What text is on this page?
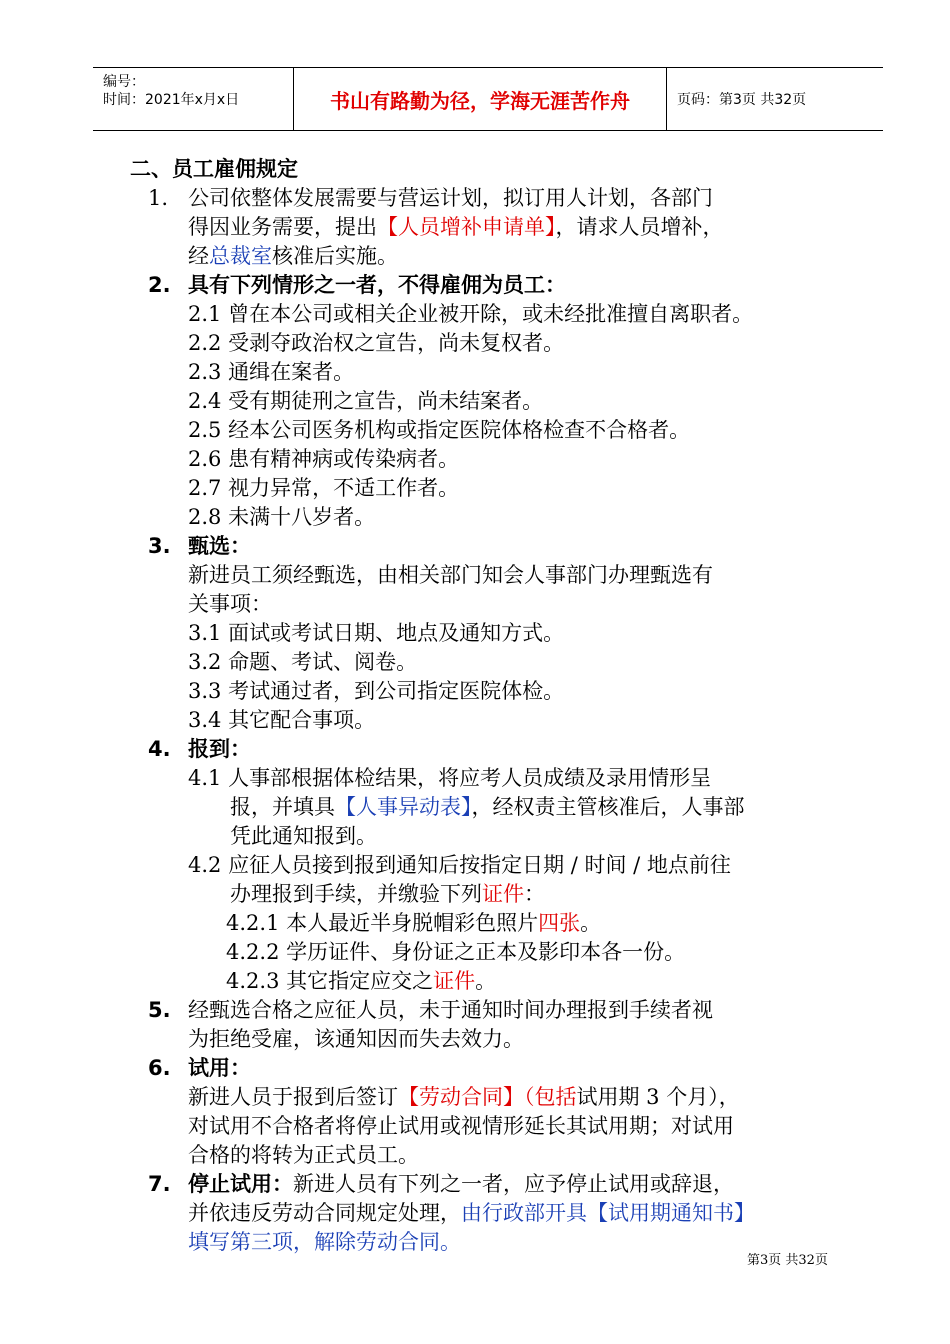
编号：
时间：2021年x月x日	书山有路勤为径，学海无涯苦作舟	页码：第3页 共32页
二、员工雇佣规定
1. 公司依整体发展需要与营运计划，拟订用人计划，各部门
得因业务需要，提出【人员增补申请单】，请求人员增补，
经总裁室核准后实施。
2. 具有下列情形之一者，不得雇佣为员工：
2.1 曾在本公司或相关企业被开除，或未经批准擅自离职者。
2.2 受剥夺政治权之宣告，尚未复权者。
2.3 通缉在案者。
2.4 受有期徒刑之宣告，尚未结案者。
2.5 经本公司医务机构或指定医院体格检查不合格者。
2.6 患有精神病或传染病者。
2.7 视力异常，不适工作者。
2.8 未满十八岁者。
3. 甄选：
新进员工须经甄选，由相关部门知会人事部门办理甄选有
关事项：
3.1 面试或考试日期、地点及通知方式。
3.2 命题、考试、阅卷。
3.3 考试通过者，到公司指定医院体检。
3.4 其它配合事项。
4. 报到：
4.1 人事部根据体检结果，将应考人员成绩及录用情形呈
报，并填具【人事异动表】，经权责主管核准后，人事部
凭此通知报到。
4.2 应征人员接到报到通知后按指定日期 / 时间 / 地点前往
办理报到手续，并缴验下列证件：
4.2.1 本人最近半身脱帽彩色照片四张。
4.2.2 学历证件、身份证之正本及影印本各一份。
4.2.3 其它指定应交之证件。
5. 经甄选合格之应征人员，未于通知时间办理报到手续者视
为拒绝受雇，该通知因而失去效力。
6. 试用：
新进人员于报到后签订【劳动合同】（包括试用期 3 个月），
对试用不合格者将停止试用或视情形延长其试用期；对试用
合格的将转为正式员工。
7. 停止试用：新进人员有下列之一者，应予停止试用或辞退，
并依违反劳动合同规定处理，由行政部开具【试用期通知书】
填写第三项，解除劳动合同。
第3页 共32页
